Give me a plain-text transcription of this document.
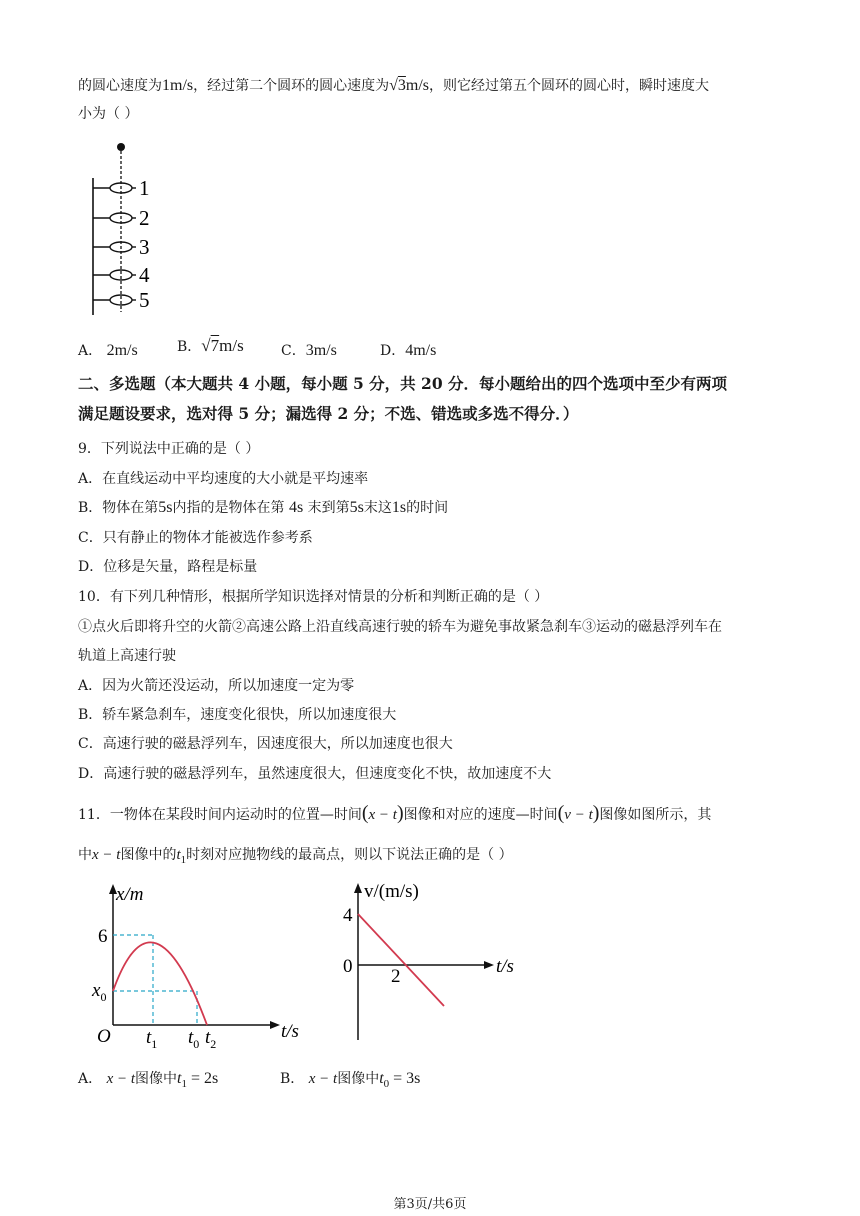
的圆心速度为1m/s，经过第二个圆环的圆心速度为√3m/s，则它经过第五个圆环的圆心时，瞬时速度大
小为（ ）
1
2
3
4
5
A． 2m/s	B．√7m/s	C．3m/s	D．4m/s
二、多选题（本大题共 4 小题，每小题 5 分，共 20 分．每小题给出的四个选项中至少有两项
满足题设要求，选对得 5 分；漏选得 2 分；不选、错选或多选不得分．）
9．下列说法中正确的是（ ）
A．在直线运动中平均速度的大小就是平均速率
B．物体在第5s内指的是物体在第 4s 末到第5s末这1s的时间
C．只有静止的物体才能被选作参考系
D．位移是矢量，路程是标量
10．有下列几种情形，根据所学知识选择对情景的分析和判断正确的是（ ）
①点火后即将升空的火箭②高速公路上沿直线高速行驶的轿车为避免事故紧急刹车③运动的磁悬浮列车在
轨道上高速行驶
A．因为火箭还没运动，所以加速度一定为零
B．轿车紧急刹车，速度变化很快，所以加速度很大
C．高速行驶的磁悬浮列车，因速度很大，所以加速度也很大
D．高速行驶的磁悬浮列车，虽然速度很大，但速度变化不快，故加速度不大
11．一物体在某段时间内运动时的位置—时间(x − t)图像和对应的速度—时间(v − t)图像如图所示，其
中x − t图像中的$t_1$时刻对应抛物线的最高点，则以下说法正确的是（ ）
x/m
t/s
6
$x_0$
O $t_1$ $t_0$ $t_2$
v/(m/s)
t/s
4
0 2
A． x − t图像中$t_1 = 2s$	B． x − t图像中$t_0 = 3s$
第3页/共6页
